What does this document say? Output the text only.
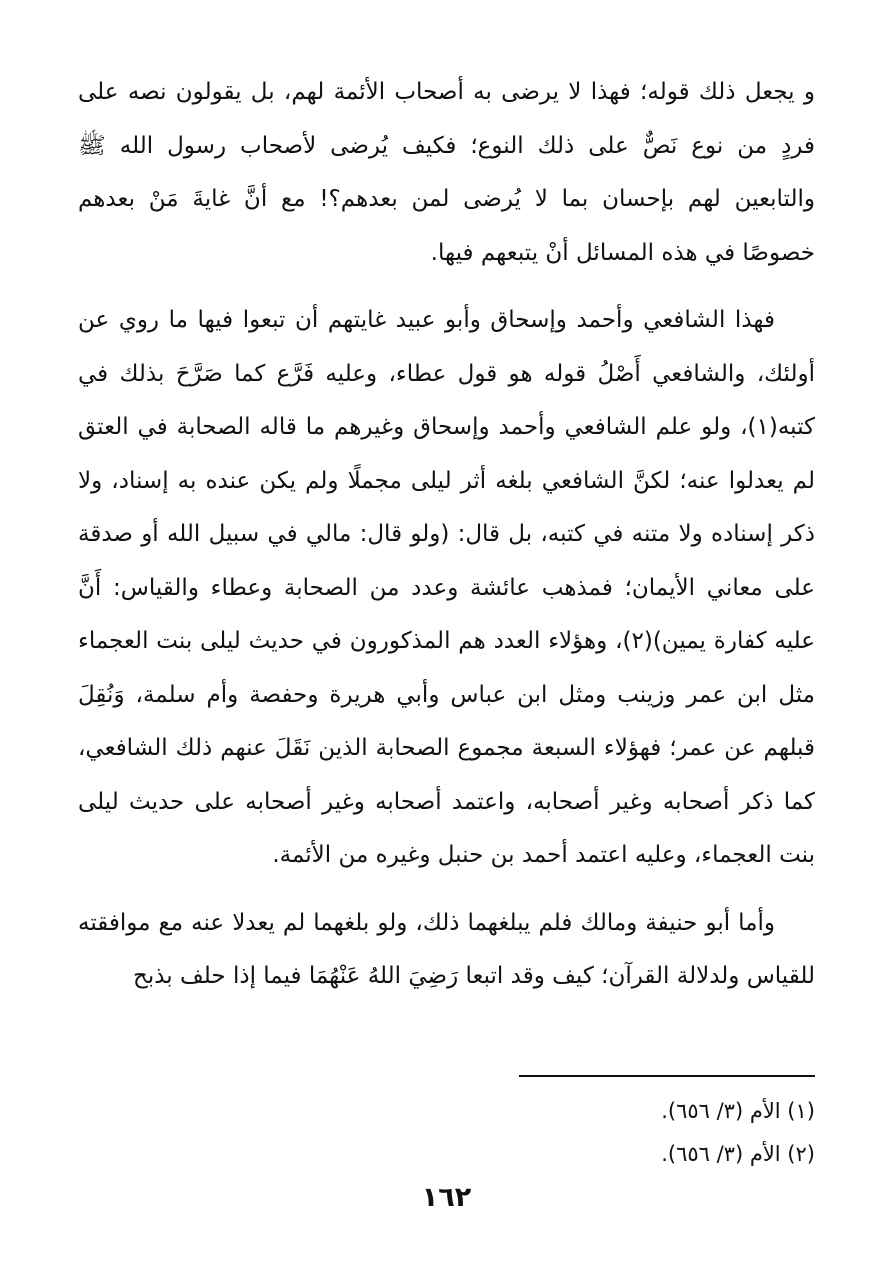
و يجعل ذلك قوله؛ فهذا لا يرضى به أصحاب الأئمة لهم، بل يقولون نصه على فردٍ من نوع نَصٌّ على ذلك النوع؛ فكيف يُرضى لأصحاب رسول الله ﷺ والتابعين لهم بإحسان بما لا يُرضى لمن بعدهم؟! مع أنَّ غايةَ مَنْ بعدهم خصوصًا في هذه المسائل أنْ يتبعهم فيها.

فهذا الشافعي وأحمد وإسحاق وأبو عبيد غايتهم أن تبعوا فيها ما روي عن أولئك، والشافعي أَصْلُ قوله هو قول عطاء، وعليه فَرَّع كما صَرَّحَ بذلك في كتبه(١)، ولو علم الشافعي وأحمد وإسحاق وغيرهم ما قاله الصحابة في العتق لم يعدلوا عنه؛ لكنَّ الشافعي بلغه أثر ليلى مجملًا ولم يكن عنده به إسناد، ولا ذكر إسناده ولا متنه في كتبه، بل قال: (ولو قال: مالي في سبيل الله أو صدقة على معاني الأيمان؛ فمذهب عائشة وعدد من الصحابة وعطاء والقياس: أَنَّ عليه كفارة يمين)(٢)، وهؤلاء العدد هم المذكورون في حديث ليلى بنت العجماء مثل ابن عمر وزينب ومثل ابن عباس وأبي هريرة وحفصة وأم سلمة، وَنُقِلَ قبلهم عن عمر؛ فهؤلاء السبعة مجموع الصحابة الذين نَقَلَ عنهم ذلك الشافعي، كما ذكر أصحابه وغير أصحابه، واعتمد أصحابه وغير أصحابه على حديث ليلى بنت العجماء، وعليه اعتمد أحمد بن حنبل وغيره من الأئمة.

وأما أبو حنيفة ومالك فلم يبلغهما ذلك، ولو بلغهما لم يعدلا عنه مع موافقته للقياس ولدلالة القرآن؛ كيف وقد اتبعا رَضِيَ اللهُ عَنْهُمَا فيما إذا حلف بذبح

(١) الأم (٣/ ٦٥٦).
(٢) الأم (٣/ ٦٥٦).
١٦٢
